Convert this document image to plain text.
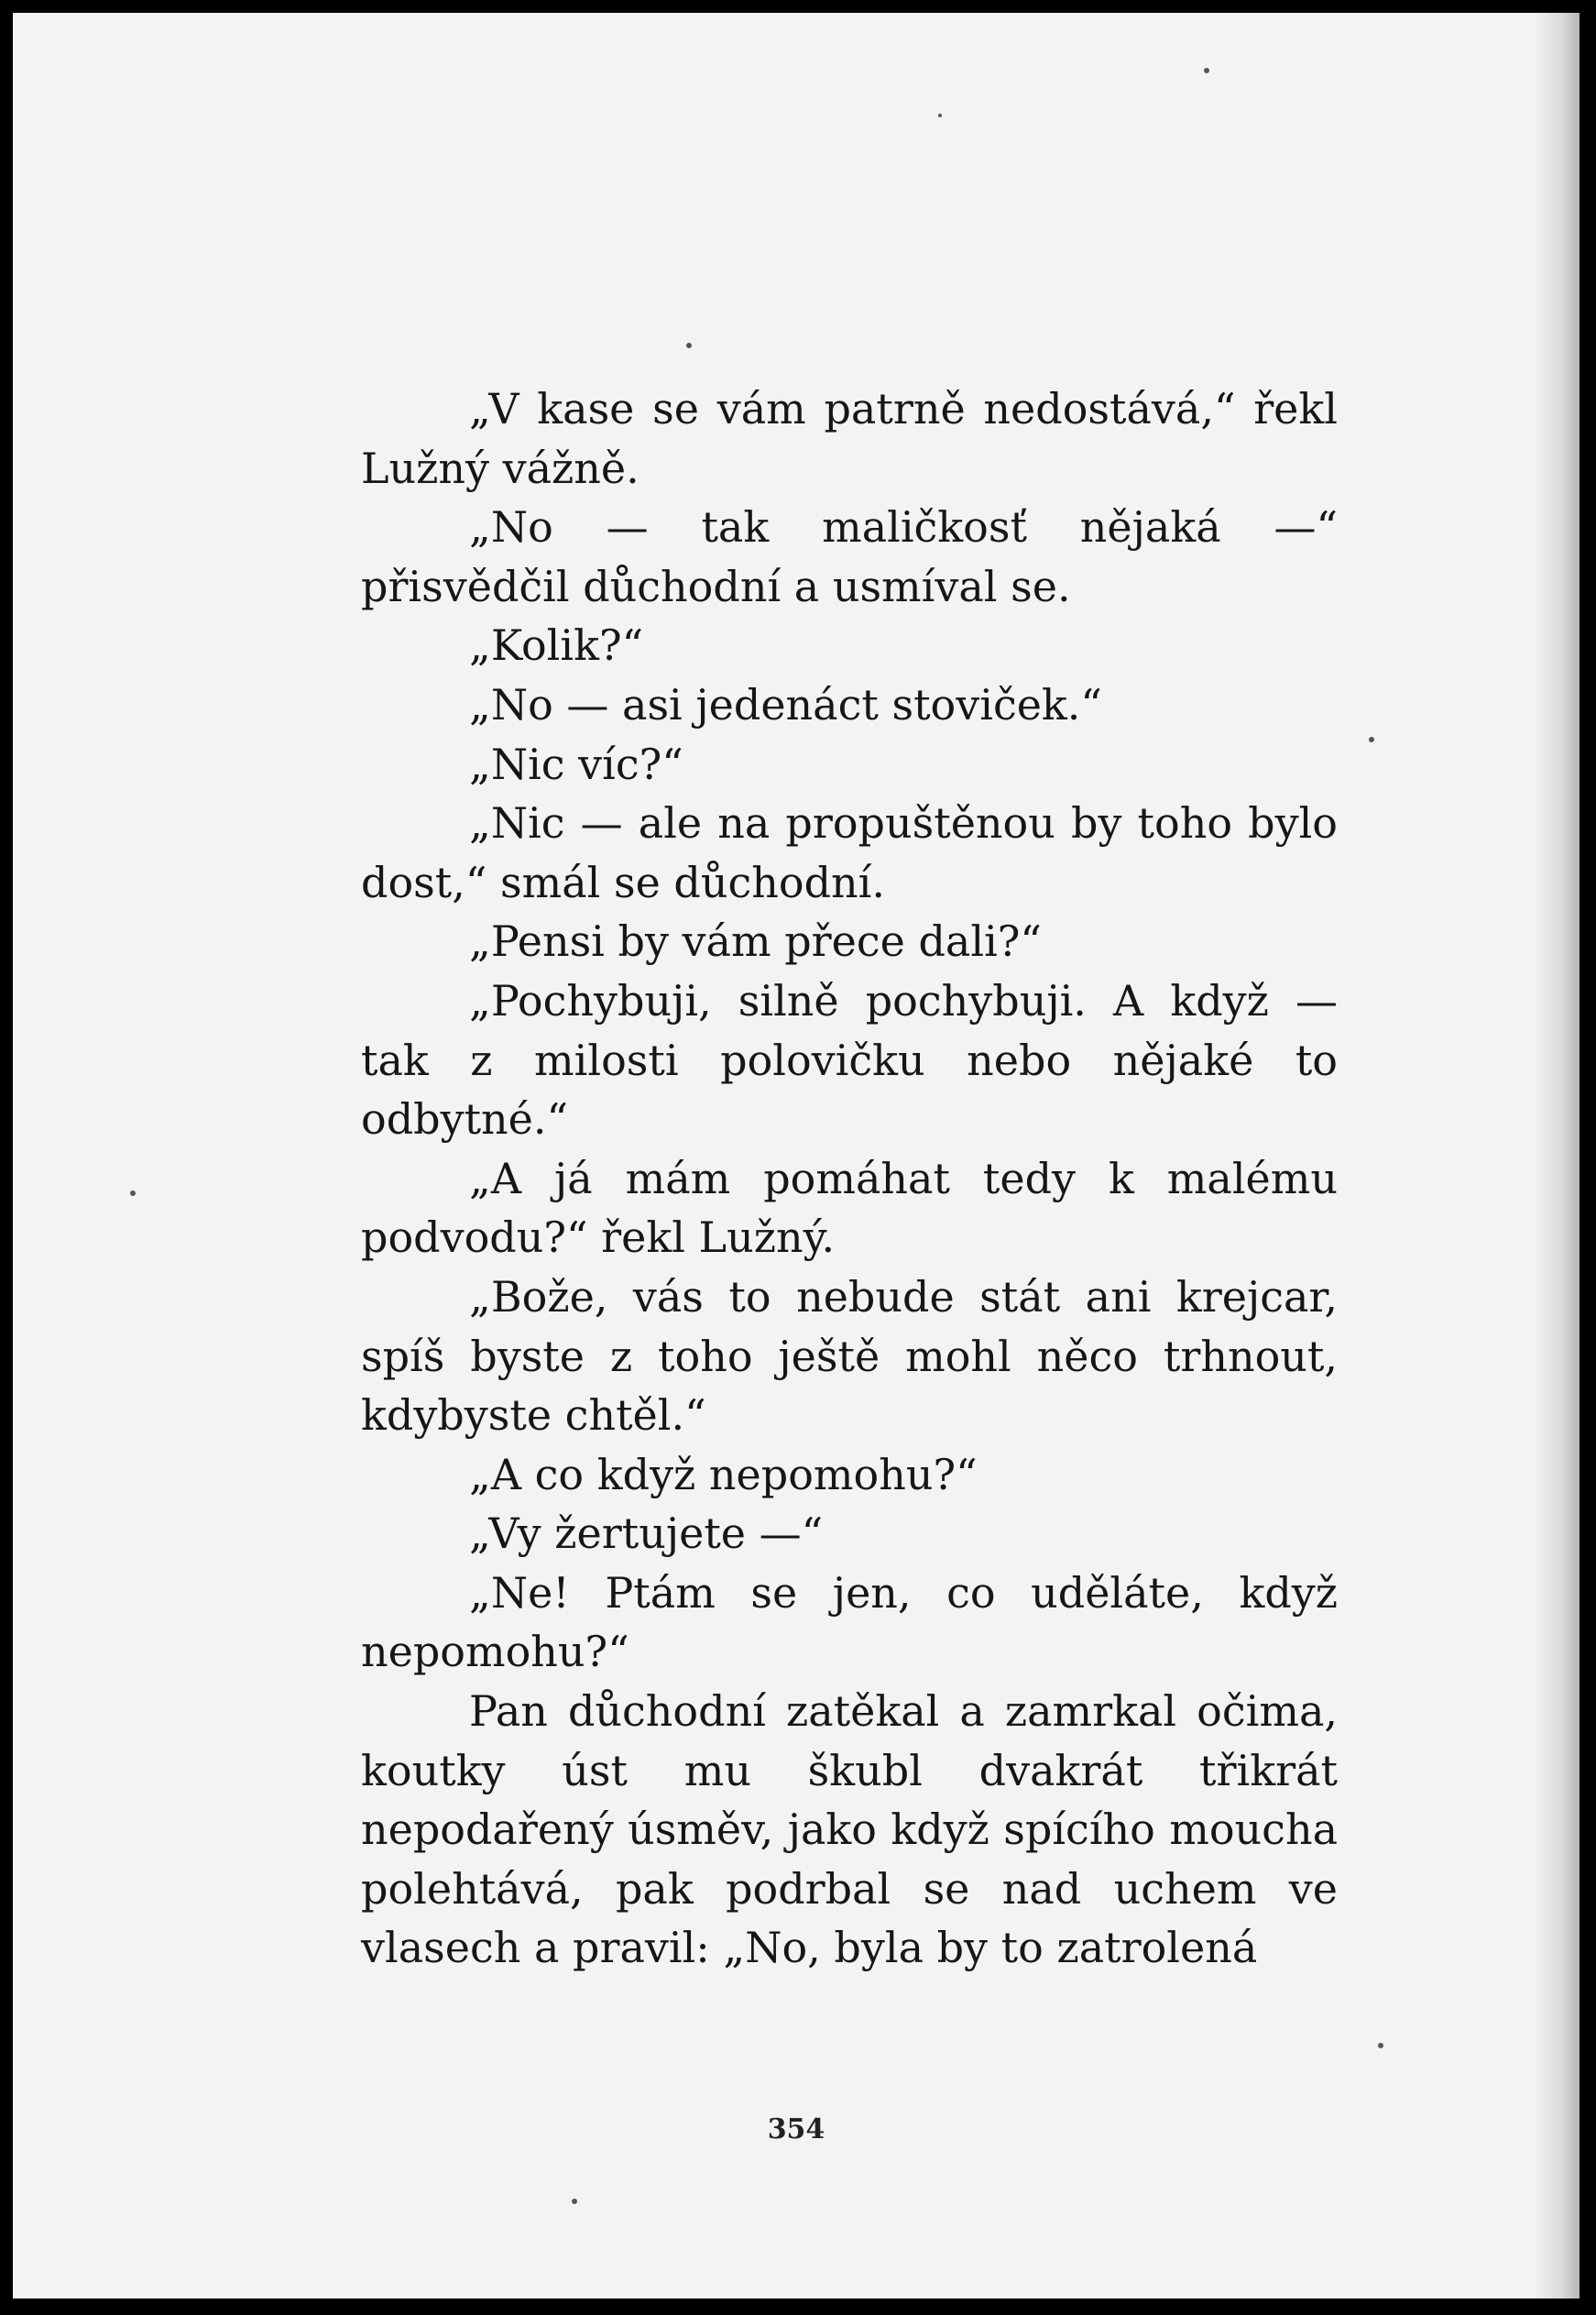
„V kase se vám patrně nedostává,“ řekl Lužný vážně.

„No — tak maličkosť nějaká —“ přisvědčil důchodní a usmíval se.

„Kolik?“

„No — asi jedenáct stoviček.“

„Nic víc?“

„Nic — ale na propuštěnou by toho bylo dost,“ smál se důchodní.

„Pensi by vám přece dali?“

„Pochybuji, silně pochybuji. A když — tak z milosti polovičku nebo nějaké to odbytné.“

„A já mám pomáhat tedy k malému podvodu?“ řekl Lužný.

„Bože, vás to nebude stát ani krejcar, spíš byste z toho ještě mohl něco trhnout, kdybyste chtěl.“

„A co když nepomohu?“

„Vy žertujete —“

„Ne! Ptám se jen, co uděláte, když nepomohu?“

Pan důchodní zatěkal a zamrkal očima, koutky úst mu škubl dvakrát třikrát nepodařený úsměv, jako když spícího moucha polehtává, pak podrbal se nad uchem ve vlasech a pravil: „No, byla by to zatrolená

354
